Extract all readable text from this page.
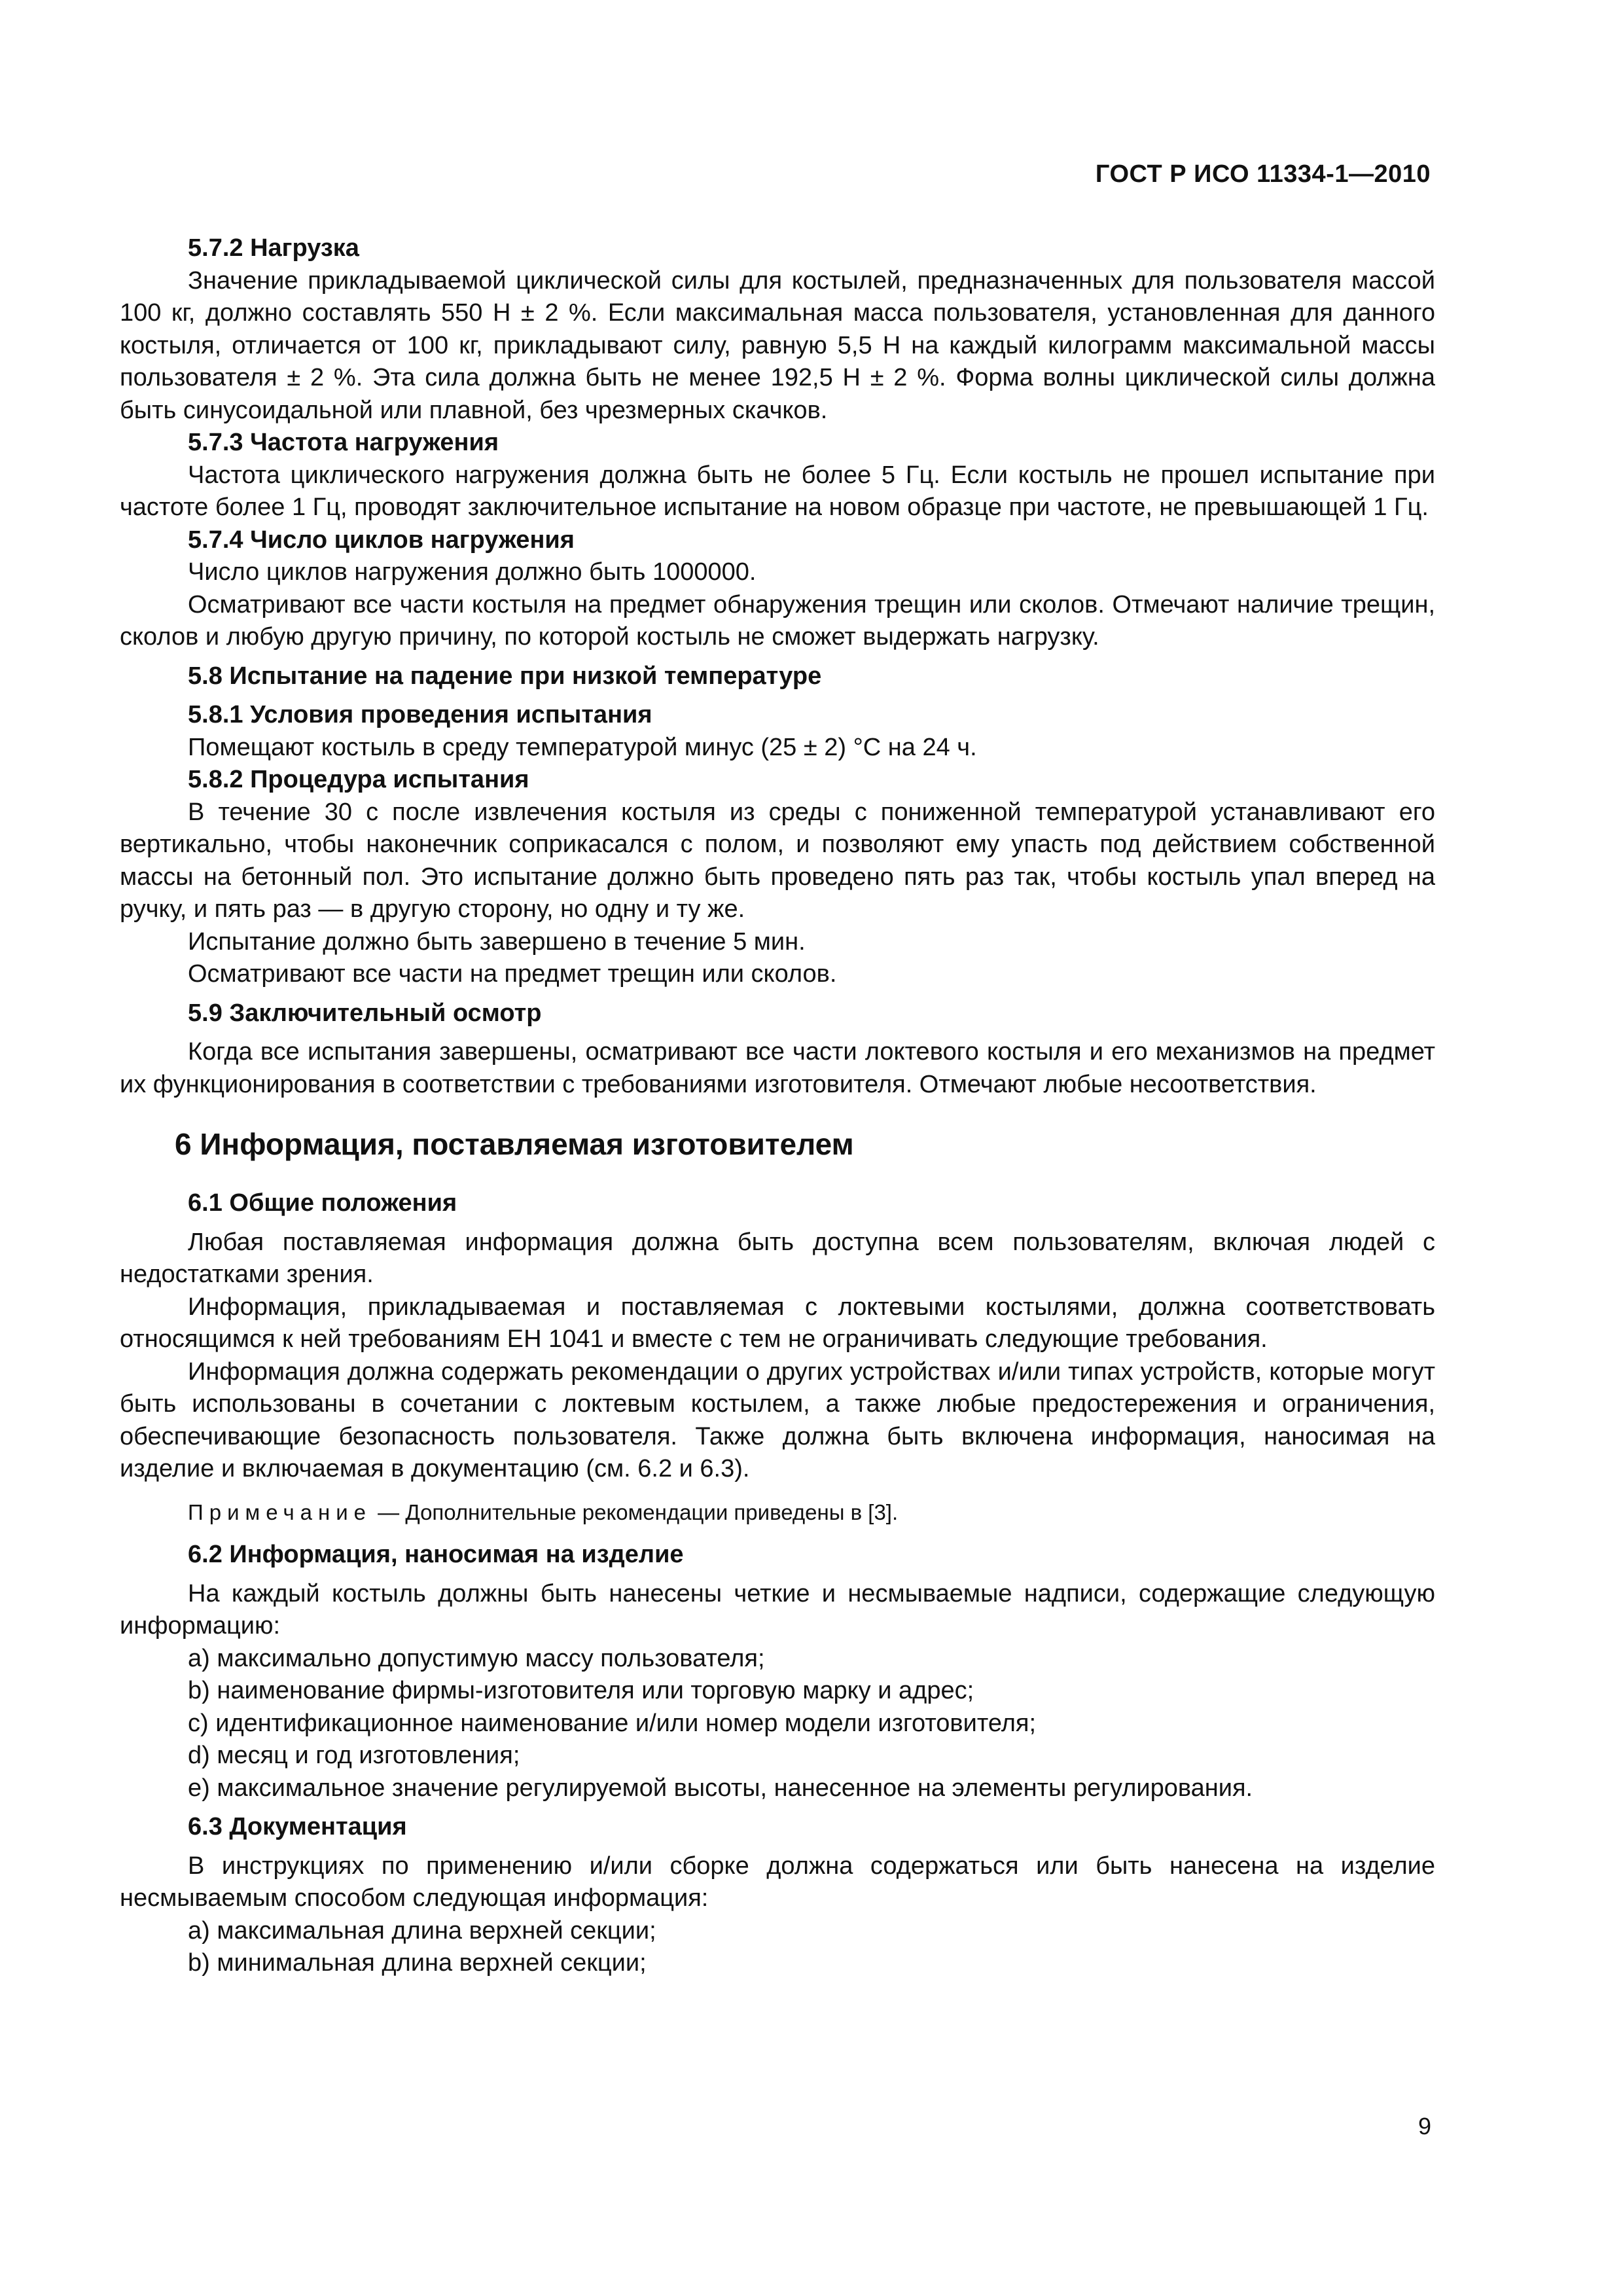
ГОСТ Р ИСО 11334-1—2010
5.7.2 Нагрузка

Значение прикладываемой циклической силы для костылей, предназначенных для пользователя массой 100 кг, должно составлять 550 Н ± 2 %. Если максимальная масса пользователя, установленная для данного костыля, отличается от 100 кг, прикладывают силу, равную 5,5 Н на каждый килограмм максимальной массы пользователя ± 2 %. Эта сила должна быть не менее 192,5 Н ± 2 %. Форма волны циклической силы должна быть синусоидальной или плавной, без чрезмерных скачков.

5.7.3 Частота нагружения

Частота циклического нагружения должна быть не более 5 Гц. Если костыль не прошел испытание при частоте более 1 Гц, проводят заключительное испытание на новом образце при частоте, не превышающей 1 Гц.

5.7.4 Число циклов нагружения

Число циклов нагружения должно быть 1000000.

Осматривают все части костыля на предмет обнаружения трещин или сколов. Отмечают наличие трещин, сколов и любую другую причину, по которой костыль не сможет выдержать нагрузку.

5.8 Испытание на падение при низкой температуре
5.8.1 Условия проведения испытания

Помещают костыль в среду температурой минус (25 ± 2) °С на 24 ч.

5.8.2 Процедура испытания

В течение 30 с после извлечения костыля из среды с пониженной температурой устанавливают его вертикально, чтобы наконечник соприкасался с полом, и позволяют ему упасть под действием собственной массы на бетонный пол. Это испытание должно быть проведено пять раз так, чтобы костыль упал вперед на ручку, и пять раз — в другую сторону, но одну и ту же.

Испытание должно быть завершено в течение 5 мин.

Осматривают все части на предмет трещин или сколов.

5.9 Заключительный осмотр

Когда все испытания завершены, осматривают все части локтевого костыля и его механизмов на предмет их функционирования в соответствии с требованиями изготовителя. Отмечают любые несоответствия.

6 Информация, поставляемая изготовителем
6.1 Общие положения

Любая поставляемая информация должна быть доступна всем пользователям, включая людей с недостатками зрения.

Информация, прикладываемая и поставляемая с локтевыми костылями, должна соответствовать относящимся к ней требованиям ЕН 1041 и вместе с тем не ограничивать следующие требования.

Информация должна содержать рекомендации о других устройствах и/или типах устройств, которые могут быть использованы в сочетании с локтевым костылем, а также любые предостережения и ограничения, обеспечивающие безопасность пользователя. Также должна быть включена информация, наносимая на изделие и включаемая в документацию (см. 6.2 и 6.3).

Примечание — Дополнительные рекомендации приведены в [3].

6.2 Информация, наносимая на изделие

На каждый костыль должны быть нанесены четкие и несмываемые надписи, содержащие следующую информацию:

a) максимально допустимую массу пользователя;
b) наименование фирмы-изготовителя или торговую марку и адрес;
c) идентификационное наименование и/или номер модели изготовителя;
d) месяц и год изготовления;
e) максимальное значение регулируемой высоты, нанесенное на элементы регулирования.
6.3 Документация

В инструкциях по применению и/или сборке должна содержаться или быть нанесена на изделие несмываемым способом следующая информация:

a) максимальная длина верхней секции;
b) минимальная длина верхней секции;
9
